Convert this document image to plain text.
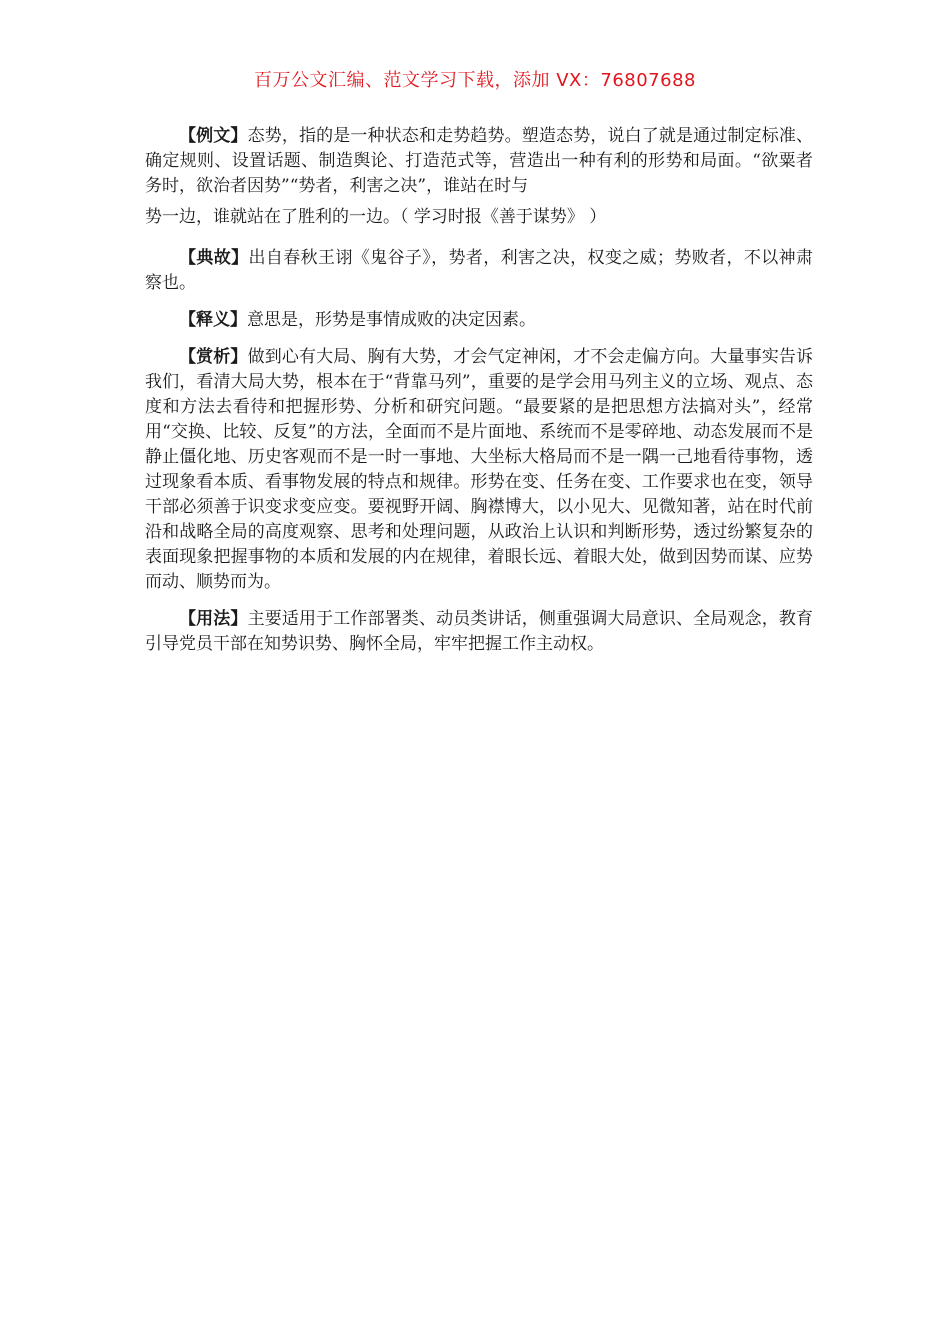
百万公文汇编、范文学习下载，添加 VX：76807688

【例文】态势，指的是一种状态和走势趋势。塑造态势，说白了就是通过制定标准、确定规则、设置话题、制造舆论、打造范式等，营造出一种有利的形势和局面。“欲粟者务时，欲治者因势”“势者，利害之决”，谁站在时与
势一边，谁就站在了胜利的一边。（ 学习时报《善于谋势》 ）

【典故】出自春秋王诩《鬼谷子》，势者，利害之决，权变之威；势败者，不以神肃察也。

【释义】意思是，形势是事情成败的决定因素。

【赏析】做到心有大局、胸有大势，才会气定神闲，才不会走偏方向。大量事实告诉我们，看清大局大势，根本在于“背靠马列”，重要的是学会用马列主义的立场、观点、态度和方法去看待和把握形势、分析和研究问题。“最要紧的是把思想方法搞对头”，经常用“交换、比较、反复”的方法，全面而不是片面地、系统而不是零碎地、动态发展而不是静止僵化地、历史客观而不是一时一事地、大坐标大格局而不是一隅一己地看待事物，透过现象看本质、看事物发展的特点和规律。形势在变、任务在变、工作要求也在变，领导干部必须善于识变求变应变。要视野开阔、胸襟博大，以小见大、见微知著，站在时代前沿和战略全局的高度观察、思考和处理问题，从政治上认识和判断形势，透过纷繁复杂的表面现象把握事物的本质和发展的内在规律，着眼长远、着眼大处，做到因势而谋、应势而动、顺势而为。

【用法】主要适用于工作部署类、动员类讲话，侧重强调大局意识、全局观念，教育引导党员干部在知势识势、胸怀全局，牢牢把握工作主动权。
